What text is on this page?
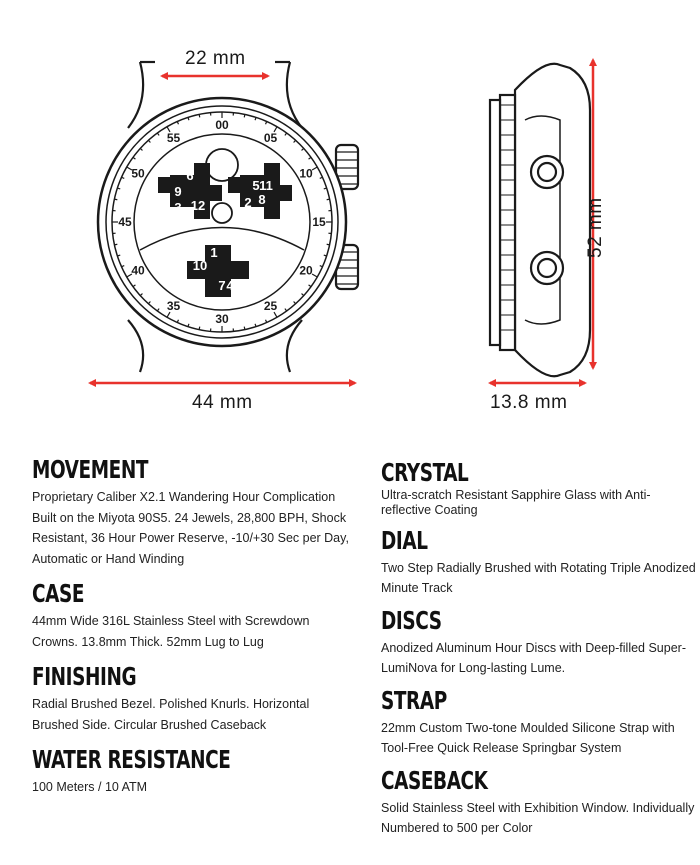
00
05
10
15
20
25
30
35
40
45
50
55
1
2
3
4
5
6
7
8
9
10
11
12
22 mm
44 mm	13.8 mm
52 mm
MOVEMENT

Proprietary Caliber X2.1 Wandering Hour Complication Built on the Miyota 90S5. 24 Jewels, 28,800 BPH, Shock Resistant, 36 Hour Power Reserve, -10/+30 Sec per Day, Automatic or Hand Winding

CASE

44mm Wide 316L Stainless Steel with Screwdown Crowns. 13.8mm Thick. 52mm Lug to Lug

FINISHING

Radial Brushed Bezel. Polished Knurls. Horizontal Brushed Side. Circular Brushed Caseback

WATER RESISTANCE

100 Meters / 10 ATM

CRYSTAL

Ultra-scratch Resistant Sapphire Glass with Anti-reflective Coating

DIAL

Two Step Radially Brushed with Rotating Triple Anodized Minute Track

DISCS

Anodized Aluminum Hour Discs with Deep-filled Super-LumiNova for Long-lasting Lume.

STRAP

22mm Custom Two-tone Moulded Silicone Strap with Tool-Free Quick Release Springbar System

CASEBACK

Solid Stainless Steel with Exhibition Window. Individually Numbered to 500 per Color
